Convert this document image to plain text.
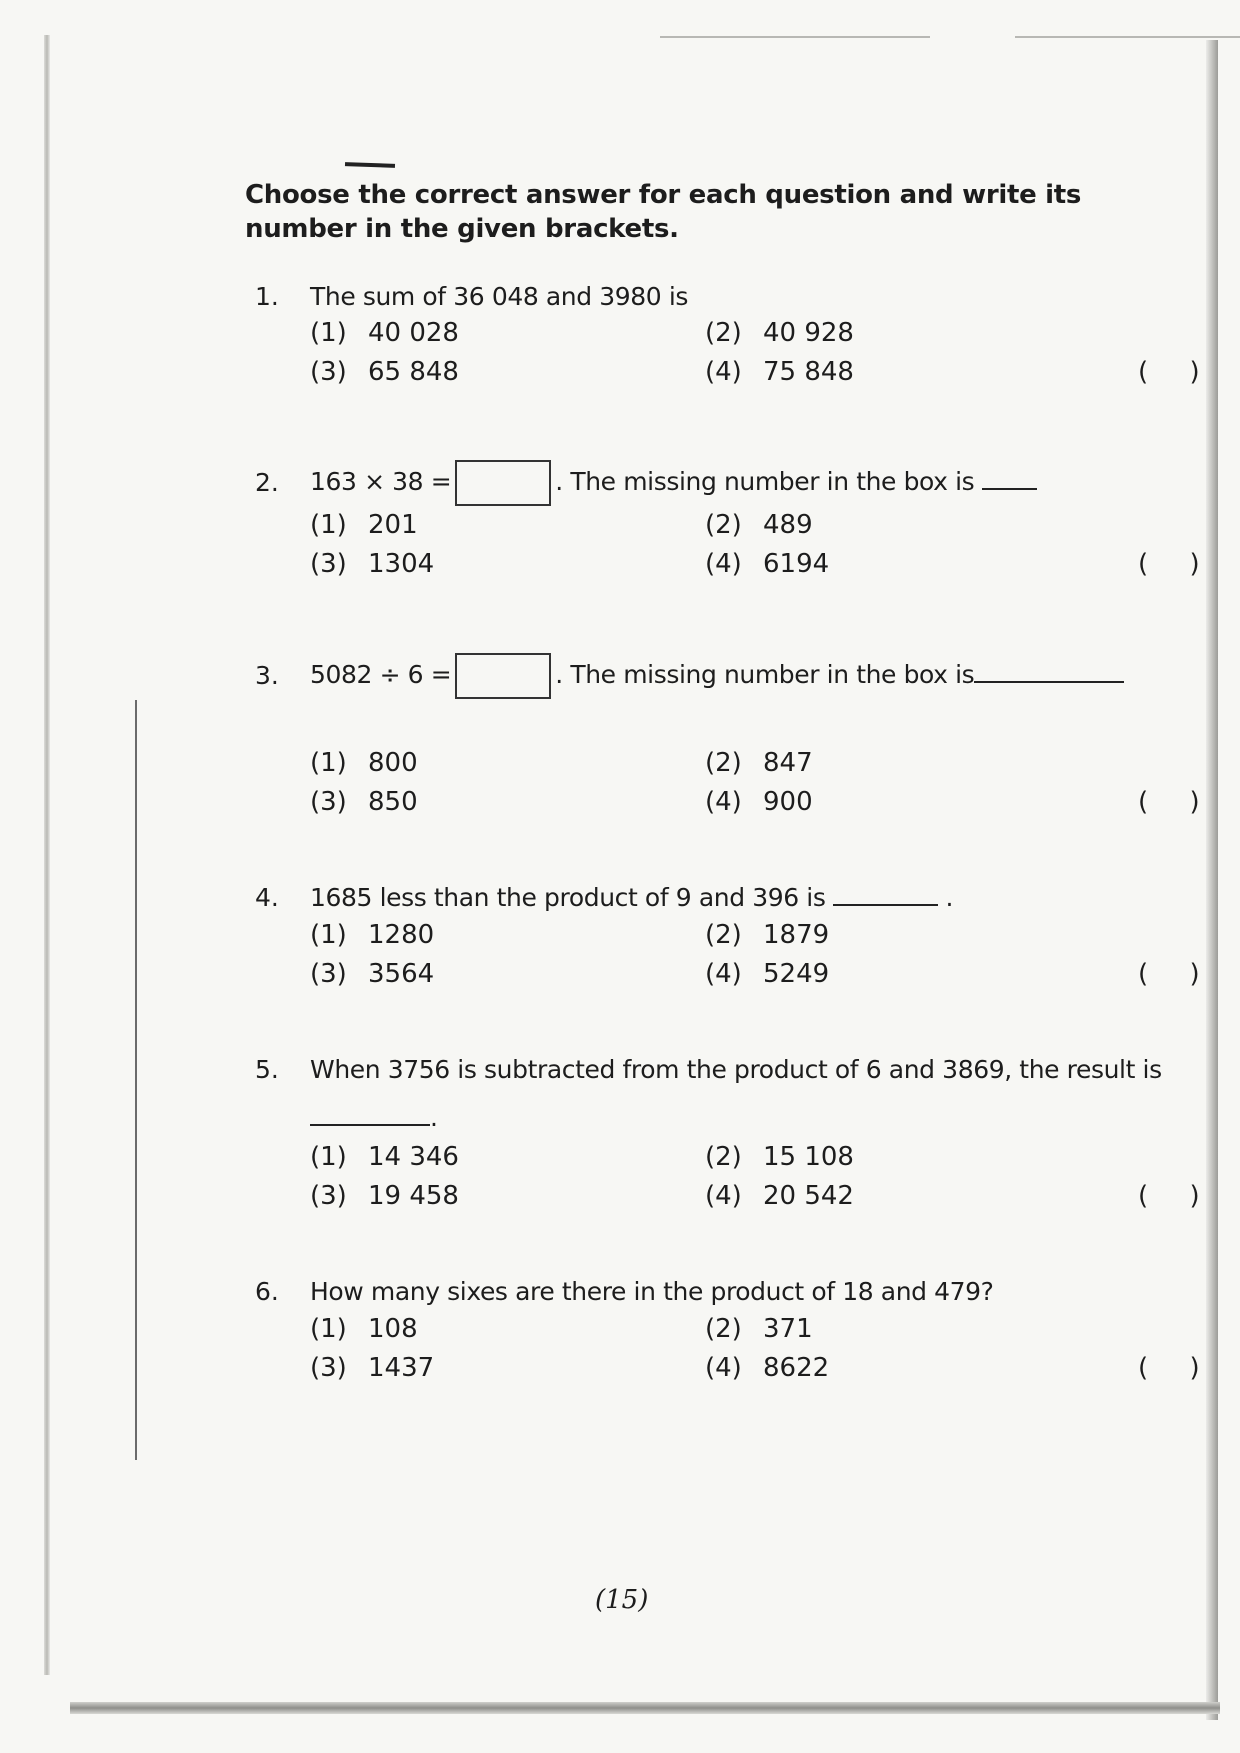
Choose the correct answer for each question and write its number in the given brackets.
1. The sum of 36 048 and 3980 is
(1) 40 028	(2) 40 928
(3) 65 848	(4) 75 848	(     )
2. 163 × 38 =	. The missing number in the box is
(1) 201	(2) 489
(3) 1304	(4) 6194	(     )
3. 5082 ÷ 6 =	. The missing number in the box is
(1) 800	(2) 847
(3) 850	(4) 900	(     )
4. 1685 less than the product of 9 and 396 is	.
(1) 1280	(2) 1879
(3) 3564	(4) 5249	(     )
5. When 3756 is subtracted from the product of 6 and 3869, the result is
.
(1) 14 346	(2) 15 108
(3) 19 458	(4) 20 542	(     )
6. How many sixes are there in the product of 18 and 479?
(1) 108	(2) 371
(3) 1437	(4) 8622	(     )
(15)
